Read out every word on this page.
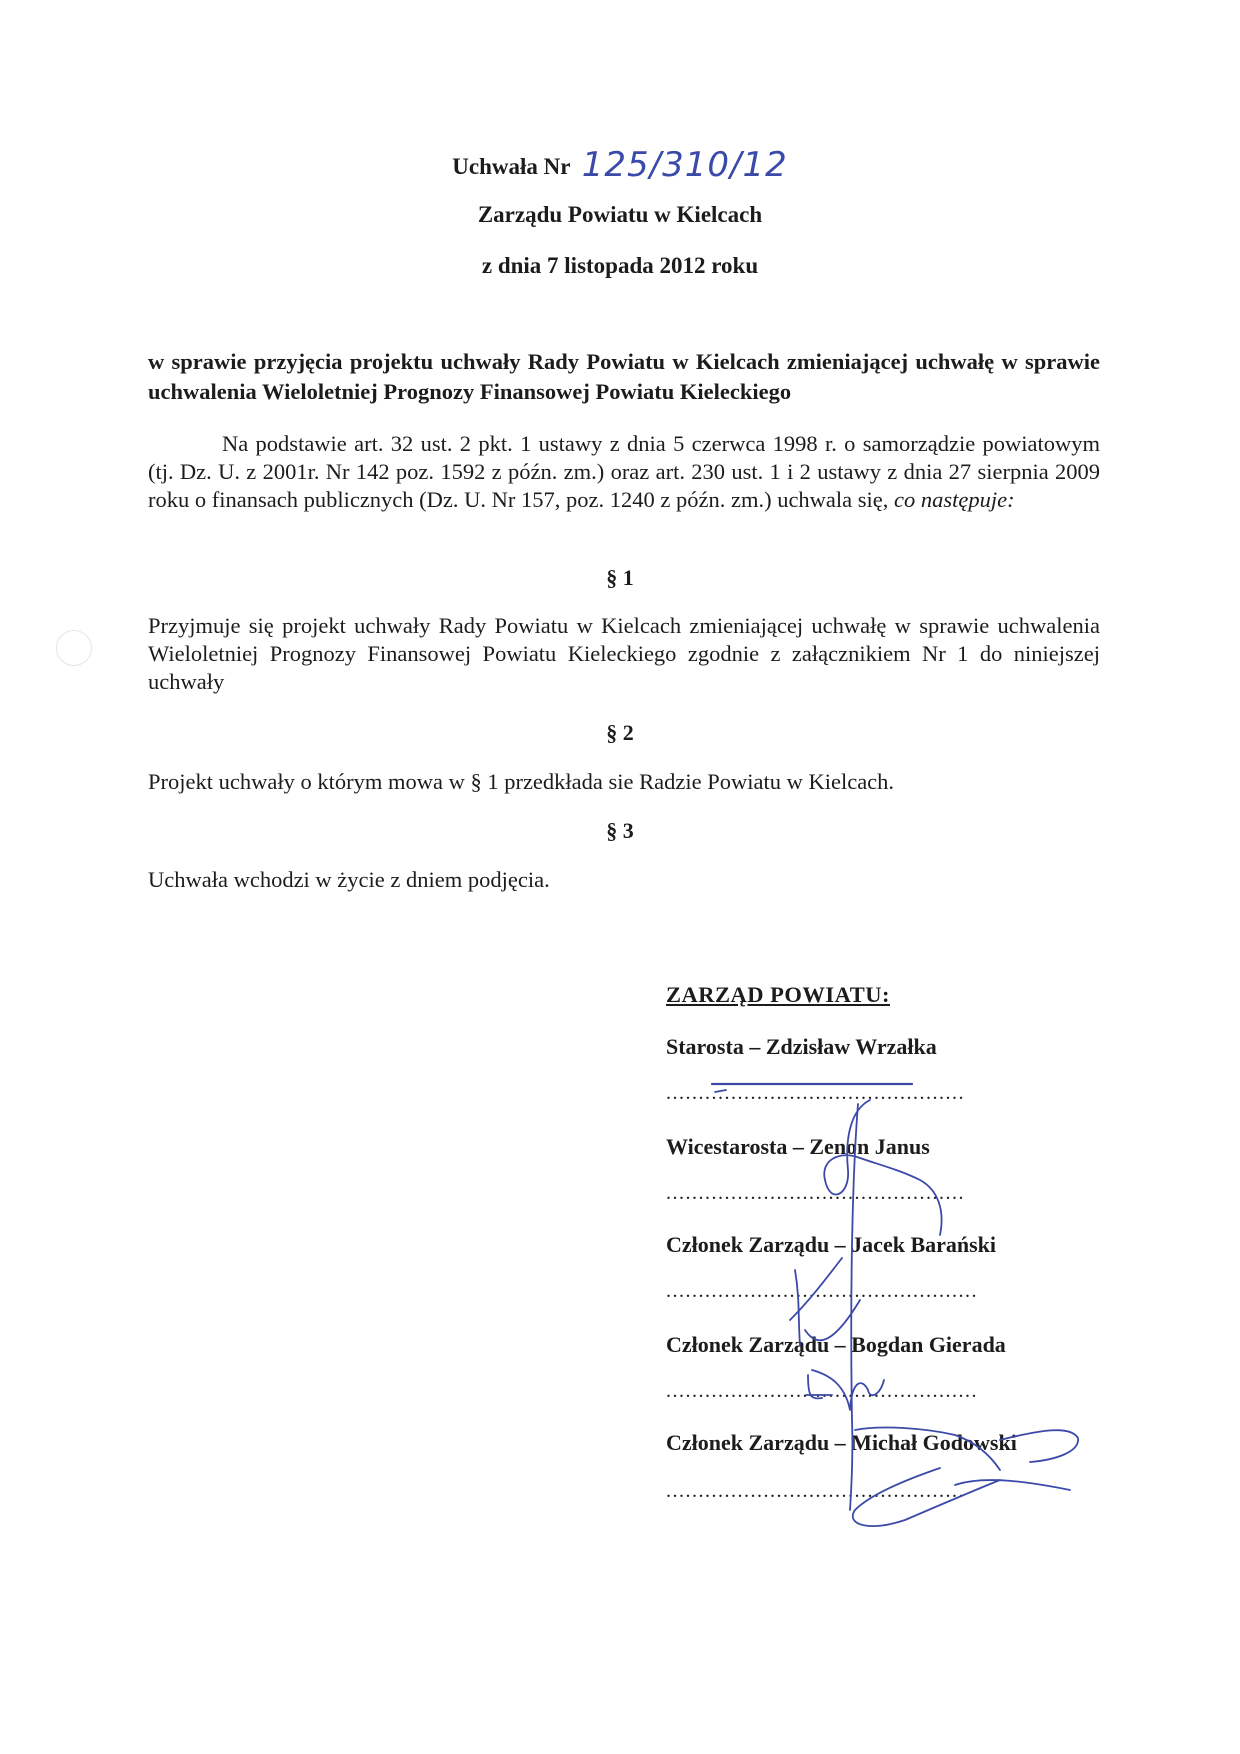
Uchwała Nr 125/310/12
Zarządu Powiatu w Kielcach
z dnia 7 listopada 2012 roku
w sprawie przyjęcia projektu uchwały Rady Powiatu w Kielcach zmieniającej uchwałę w sprawie uchwalenia Wieloletniej Prognozy Finansowej Powiatu Kieleckiego
Na podstawie art. 32 ust. 2 pkt. 1 ustawy z dnia 5 czerwca 1998 r. o samorządzie powiatowym (tj. Dz. U. z 2001r. Nr 142 poz. 1592 z późn. zm.) oraz art. 230 ust. 1 i 2 ustawy z dnia 27 sierpnia 2009 roku o finansach publicznych (Dz. U. Nr 157, poz. 1240 z późn. zm.) uchwala się, co następuje:
§ 1
Przyjmuje się projekt uchwały Rady Powiatu w Kielcach zmieniającej uchwałę w sprawie uchwalenia Wieloletniej Prognozy Finansowej Powiatu Kieleckiego zgodnie z załącznikiem Nr 1 do niniejszej uchwały
§ 2
Projekt uchwały o którym mowa w § 1 przedkłada sie Radzie Powiatu w Kielcach.
§ 3
Uchwała wchodzi w życie z dniem podjęcia.
ZARZĄD POWIATU:
Starosta – Zdzisław Wrzałka
..............................................
Wicestarosta – Zenon Janus
..............................................
Członek Zarządu – Jacek Barański
................................................
Członek Zarządu – Bogdan Gierada
................................................
Członek Zarządu – Michał Godowski
..............................................
